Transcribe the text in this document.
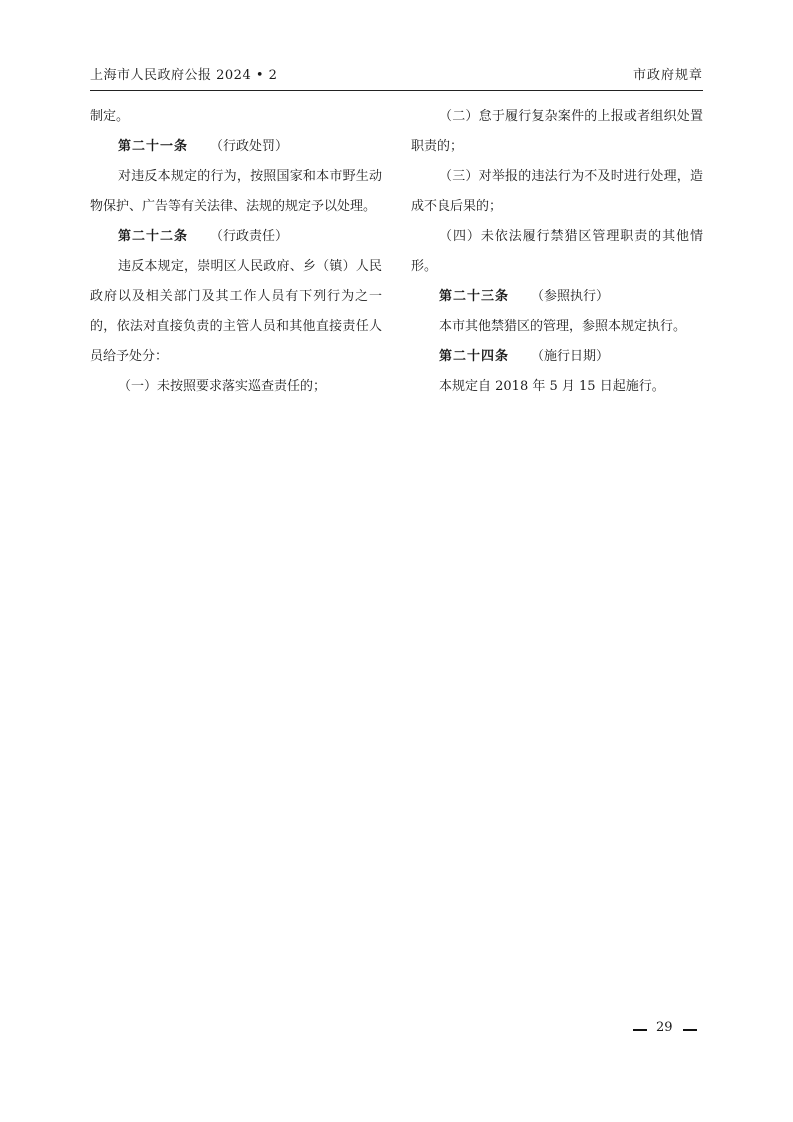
上海市人民政府公报 2024 • 2	市政府规章

制定。

第二十一条 （行政处罚）

对违反本规定的行为，按照国家和本市野生动物保护、广告等有关法律、法规的规定予以处理。

第二十二条 （行政责任）

违反本规定，崇明区人民政府、乡（镇）人民政府以及相关部门及其工作人员有下列行为之一的，依法对直接负责的主管人员和其他直接责任人员给予处分：

（一）未按照要求落实巡查责任的；

（二）怠于履行复杂案件的上报或者组织处置职责的；

（三）对举报的违法行为不及时进行处理，造成不良后果的；

（四）未依法履行禁猎区管理职责的其他情形。

第二十三条 （参照执行）

本市其他禁猎区的管理，参照本规定执行。

第二十四条 （施行日期）

本规定自 2018 年 5 月 15 日起施行。

29
